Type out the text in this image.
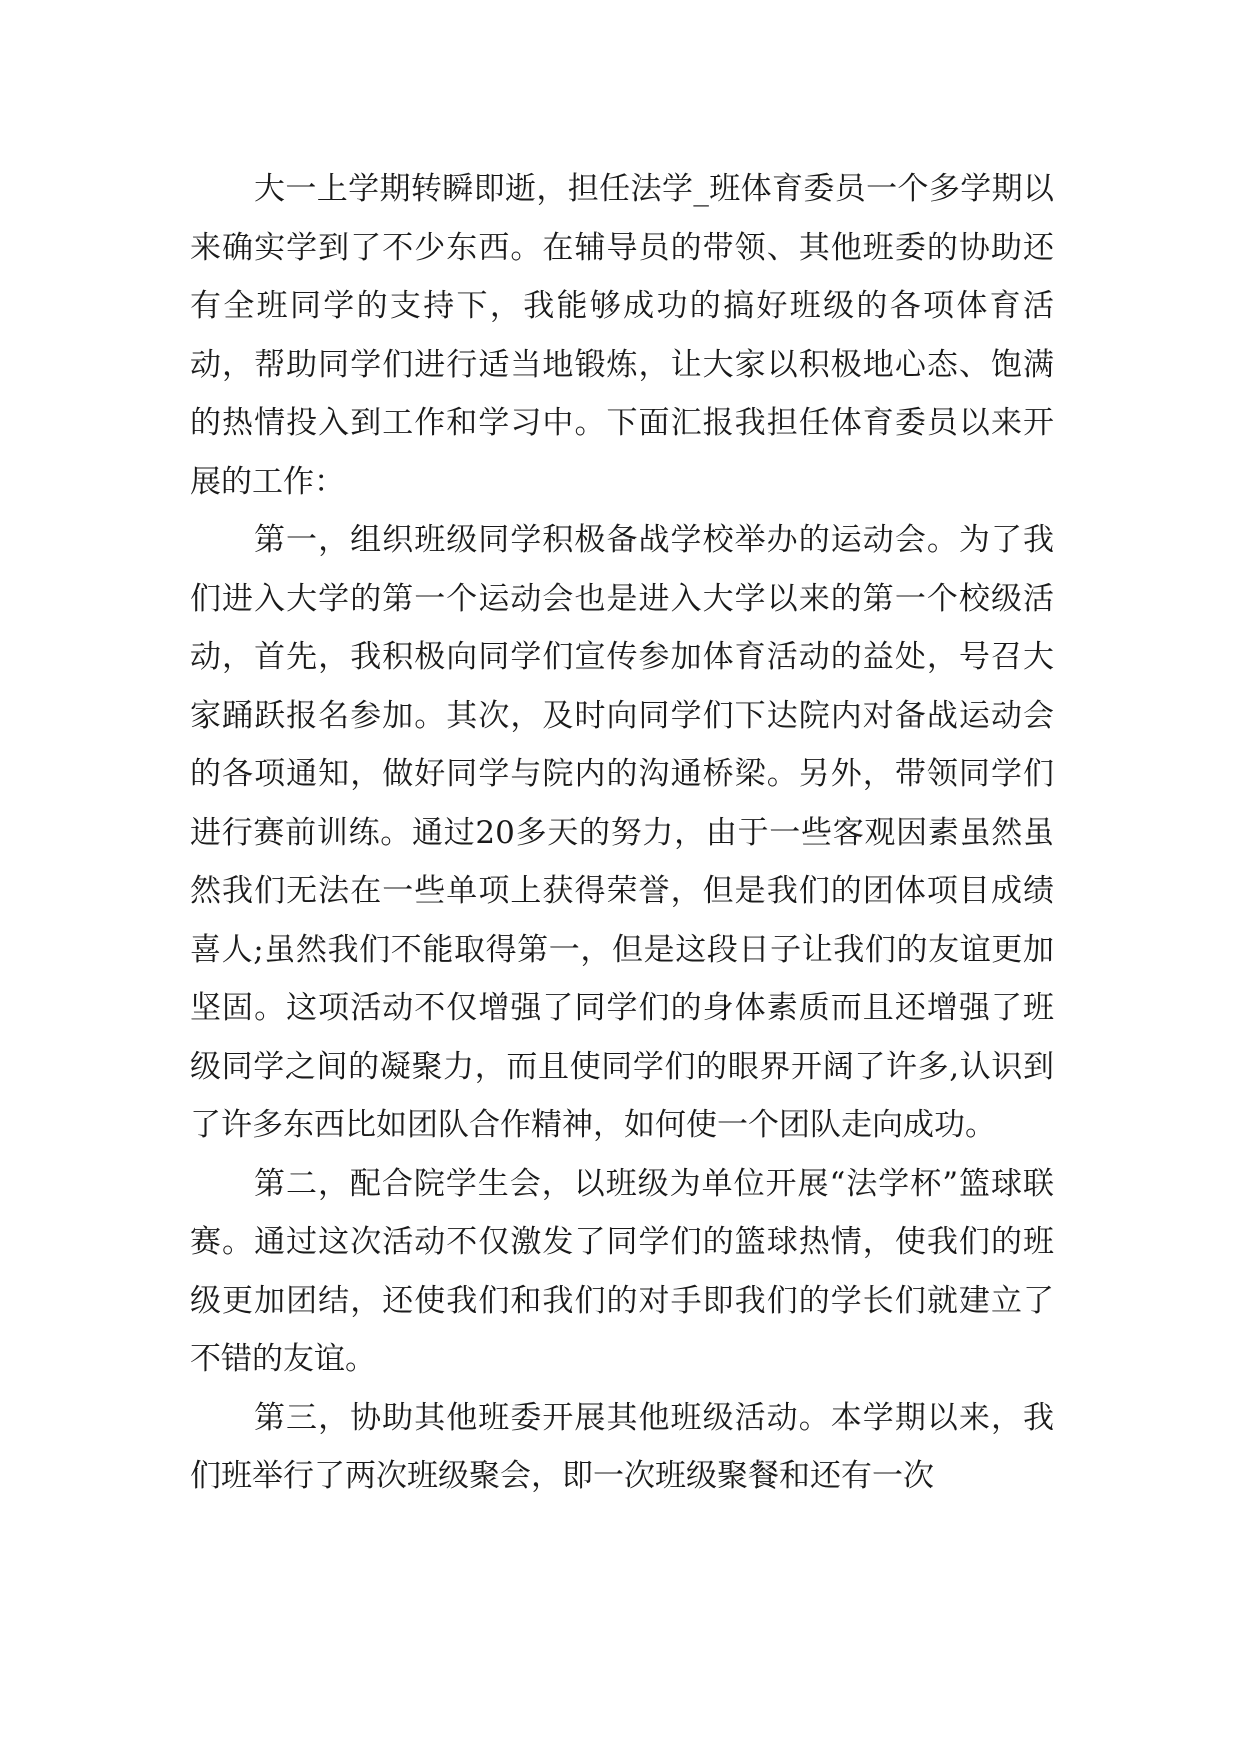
大一上学期转瞬即逝，担任法学_班体育委员一个多学期以来确实学到了不少东西。在辅导员的带领、其他班委的协助还有全班同学的支持下，我能够成功的搞好班级的各项体育活动，帮助同学们进行适当地锻炼，让大家以积极地心态、饱满的热情投入到工作和学习中。下面汇报我担任体育委员以来开展的工作：

第一，组织班级同学积极备战学校举办的运动会。为了我们进入大学的第一个运动会也是进入大学以来的第一个校级活动，首先，我积极向同学们宣传参加体育活动的益处，号召大家踊跃报名参加。其次，及时向同学们下达院内对备战运动会的各项通知，做好同学与院内的沟通桥梁。另外，带领同学们进行赛前训练。通过20多天的努力，由于一些客观因素虽然虽然我们无法在一些单项上获得荣誉，但是我们的团体项目成绩喜人;虽然我们不能取得第一，但是这段日子让我们的友谊更加坚固。这项活动不仅增强了同学们的身体素质而且还增强了班级同学之间的凝聚力，而且使同学们的眼界开阔了许多,认识到了许多东西比如团队合作精神，如何使一个团队走向成功。

第二，配合院学生会，以班级为单位开展“法学杯”篮球联赛。通过这次活动不仅激发了同学们的篮球热情，使我们的班级更加团结，还使我们和我们的对手即我们的学长们就建立了不错的友谊。

第三，协助其他班委开展其他班级活动。本学期以来，我们班举行了两次班级聚会，即一次班级聚餐和还有一次
